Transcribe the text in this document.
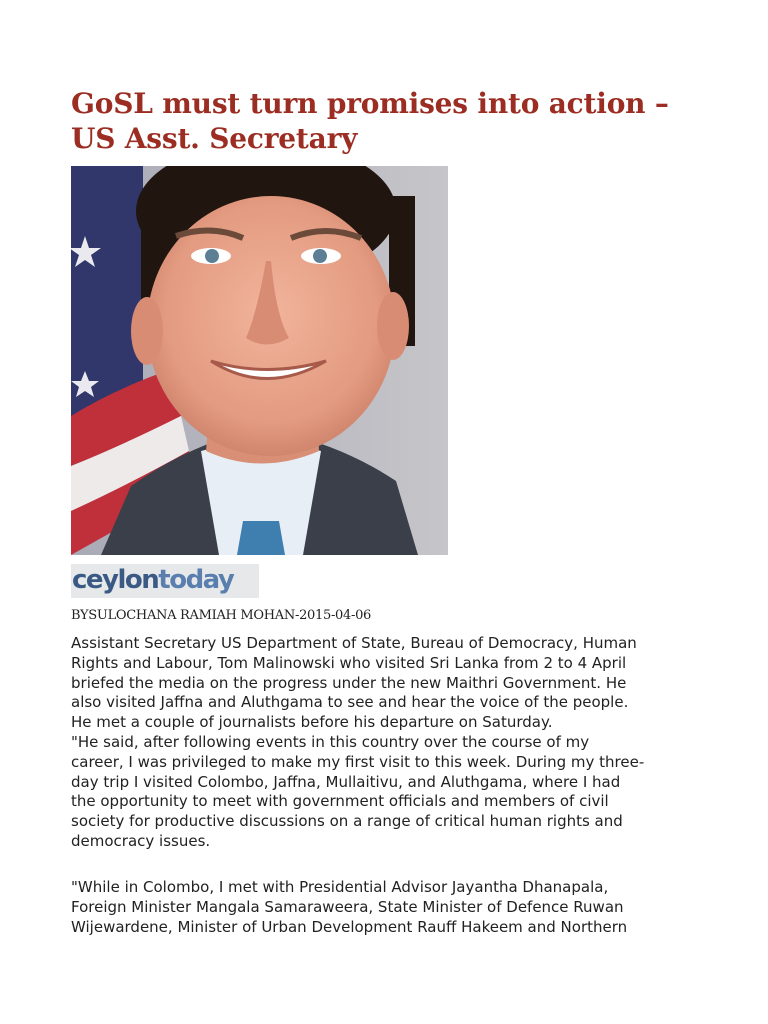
GoSL must turn promises into action –
US Asst. Secretary
ceylontoday
BYSULOCHANA RAMIAH MOHAN-2015-04-06

Assistant Secretary US Department of State, Bureau of Democracy, Human
Rights and Labour, Tom Malinowski who visited Sri Lanka from 2 to 4 April
briefed the media on the progress under the new Maithri Government. He
also visited Jaffna and Aluthgama to see and hear the voice of the people.
He met a couple of journalists before his departure on Saturday.

"He said, after following events in this country over the course of my
career, I was privileged to make my first visit to this week. During my three-
day trip I visited Colombo, Jaffna, Mullaitivu, and Aluthgama, where I had
the opportunity to meet with government officials and members of civil
society for productive discussions on a range of critical human rights and
democracy issues.

"While in Colombo, I met with Presidential Advisor Jayantha Dhanapala,
Foreign Minister Mangala Samaraweera, State Minister of Defence Ruwan
Wijewardene, Minister of Urban Development Rauff Hakeem and Northern
